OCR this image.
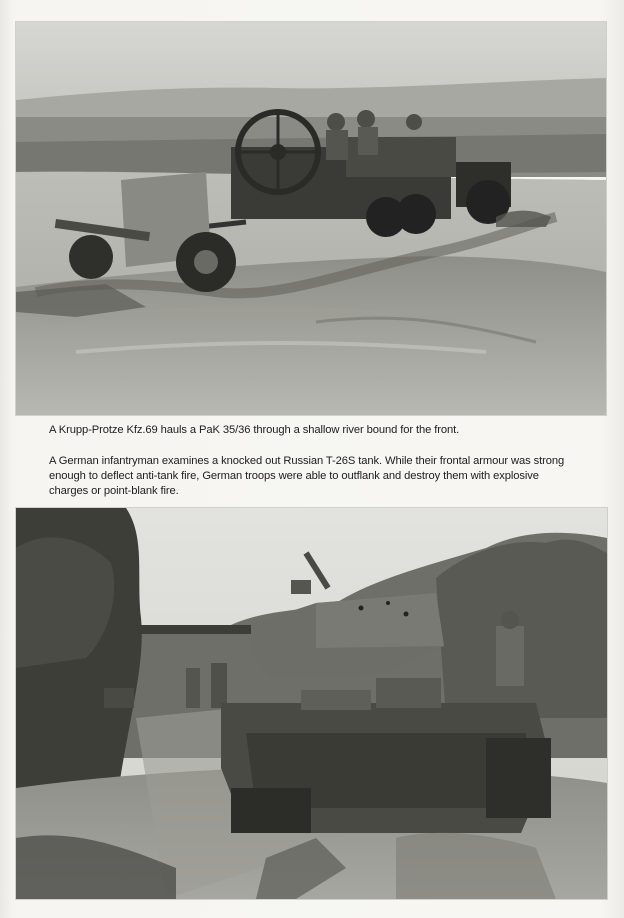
A Krupp-Protze Kfz.69 hauls a PaK 35/36 through a shallow river bound for the front.
A German infantryman examines a knocked out Russian T-26S tank. While their frontal armour was strong enough to deflect anti-tank fire, German troops were able to outflank and destroy them with explosive charges or point-blank fire.
